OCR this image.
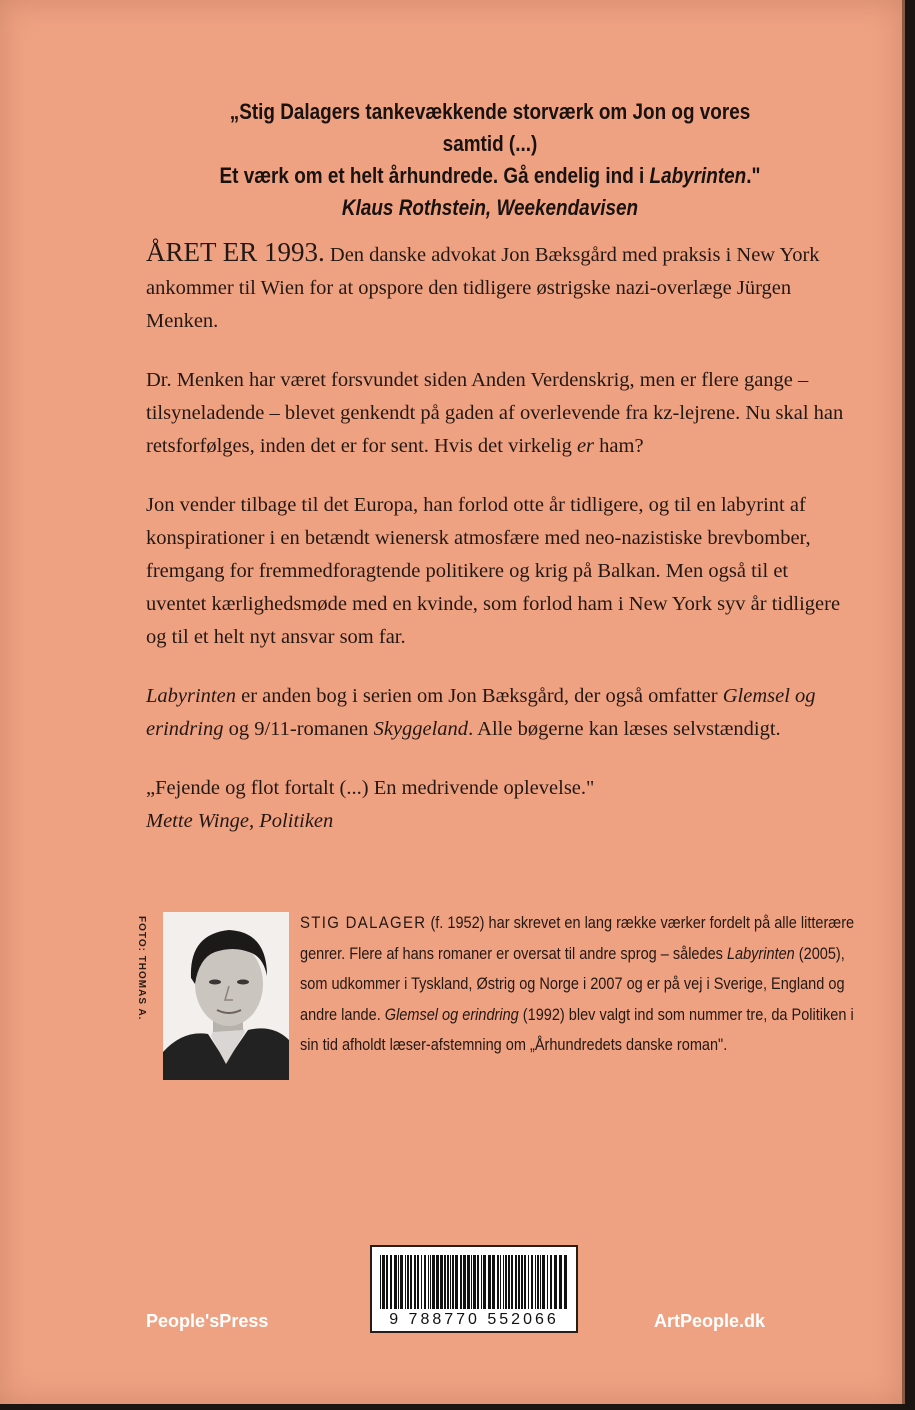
„Stig Dalagers tankevækkende storværk om Jon og vores samtid (...)
Et værk om et helt århundrede. Gå endelig ind i Labyrinten."
Klaus Rothstein, Weekendavisen

ÅRET ER 1993. Den danske advokat Jon Bæksgård med praksis i New York ankommer til Wien for at opspore den tidligere østrigske nazi-overlæge Jürgen Menken.

Dr. Menken har været forsvundet siden Anden Verdenskrig, men er flere gange – tilsyneladende – blevet genkendt på gaden af overlevende fra kz-lejrene. Nu skal han retsforfølges, inden det er for sent. Hvis det virkelig er ham?

Jon vender tilbage til det Europa, han forlod otte år tidligere, og til en labyrint af konspirationer i en betændt wienersk atmosfære med neo-nazistiske brevbomber, fremgang for fremmedforagtende politikere og krig på Balkan. Men også til et uventet kærlighedsmøde med en kvinde, som forlod ham i New York syv år tidligere og til et helt nyt ansvar som far.

Labyrinten er anden bog i serien om Jon Bæksgård, der også omfatter Glemsel og erindring og 9/11-romanen Skyggeland. Alle bøgerne kan læses selvstændigt.

„Fejende og flot fortalt (...) En medrivende oplevelse."
Mette Winge, Politiken
FOTO: THOMAS A.	STIG DALAGER (f. 1952) har skrevet en lang række værker fordelt på alle litterære genrer. Flere af hans romaner er oversat til andre sprog – således Labyrinten (2005), som udkommer i Tyskland, Østrig og Norge i 2007 og er på vej i Sverige, England og andre lande. Glemsel og erindring (1992) blev valgt ind som nummer tre, da Politiken i sin tid afholdt læser-afstemning om „Århundredets danske roman".
9 788770 552066
People'sPress	ArtPeople.dk
